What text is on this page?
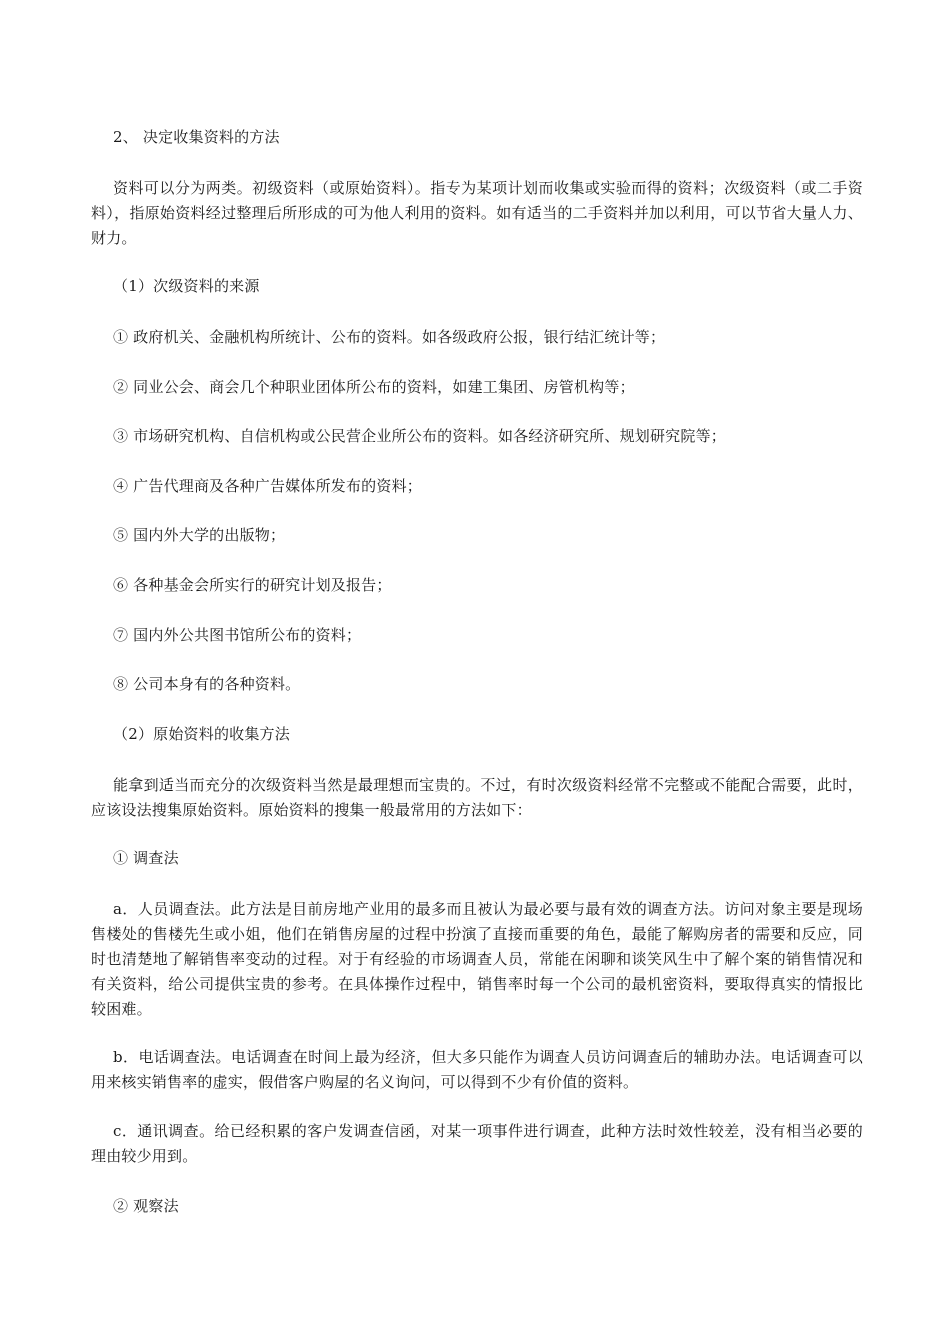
2、 决定收集资料的方法

资料可以分为两类。初级资料（或原始资料）。指专为某项计划而收集或实验而得的资料；次级资料（或二手资料），指原始资料经过整理后所形成的可为他人利用的资料。如有适当的二手资料并加以利用，可以节省大量人力、财力。

（1）次级资料的来源

① 政府机关、金融机构所统计、公布的资料。如各级政府公报，银行结汇统计等；

② 同业公会、商会几个种职业团体所公布的资料，如建工集团、房管机构等；

③ 市场研究机构、自信机构或公民营企业所公布的资料。如各经济研究所、规划研究院等；

④ 广告代理商及各种广告媒体所发布的资料；

⑤ 国内外大学的出版物；

⑥ 各种基金会所实行的研究计划及报告；

⑦ 国内外公共图书馆所公布的资料；

⑧ 公司本身有的各种资料。

（2）原始资料的收集方法

能拿到适当而充分的次级资料当然是最理想而宝贵的。不过，有时次级资料经常不完整或不能配合需要，此时，应该设法搜集原始资料。原始资料的搜集一般最常用的方法如下：

① 调查法

a．人员调查法。此方法是目前房地产业用的最多而且被认为最必要与最有效的调查方法。访问对象主要是现场售楼处的售楼先生或小姐，他们在销售房屋的过程中扮演了直接而重要的角色，最能了解购房者的需要和反应，同时也清楚地了解销售率变动的过程。对于有经验的市场调查人员，常能在闲聊和谈笑风生中了解个案的销售情况和有关资料，给公司提供宝贵的参考。在具体操作过程中，销售率时每一个公司的最机密资料，要取得真实的情报比较困难。

b．电话调查法。电话调查在时间上最为经济，但大多只能作为调查人员访问调查后的辅助办法。电话调查可以用来核实销售率的虚实，假借客户购屋的名义询问，可以得到不少有价值的资料。

c．通讯调查。给已经积累的客户发调查信函，对某一项事件进行调查，此种方法时效性较差，没有相当必要的理由较少用到。

② 观察法
